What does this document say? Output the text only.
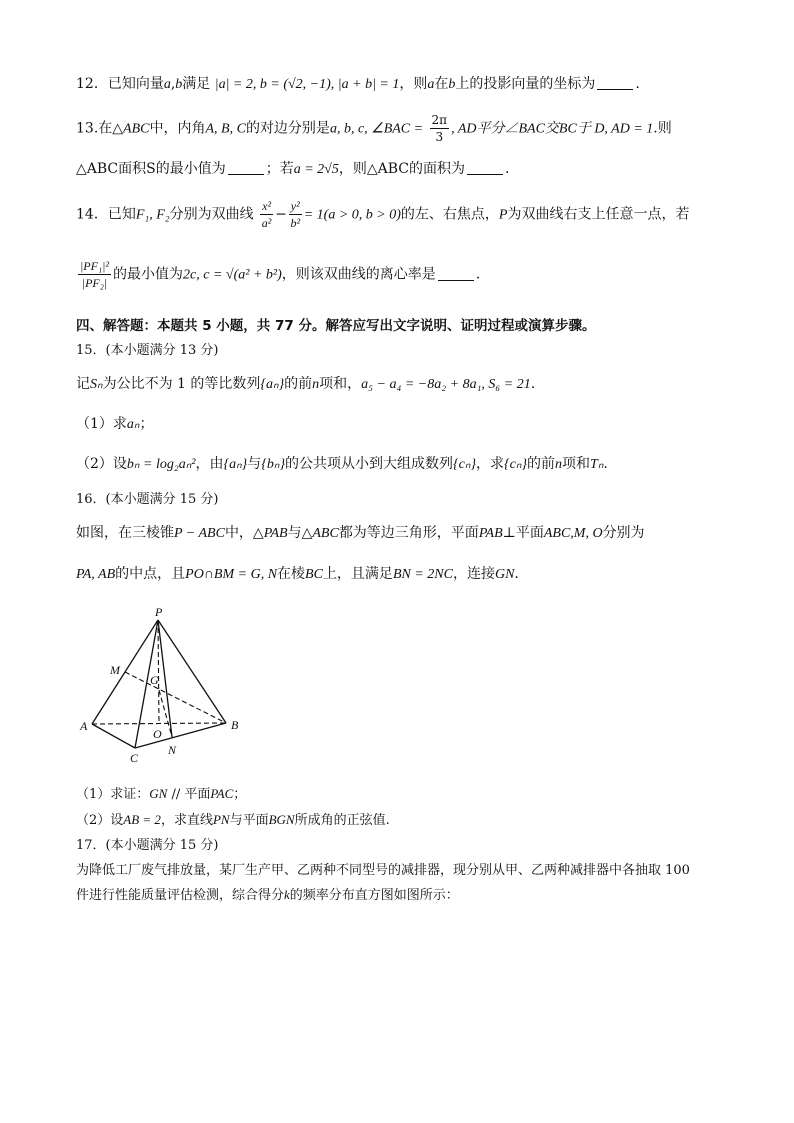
12．已知向量a,b满足 |a| = 2, b = (√2, −1), |a + b| = 1，则a在b上的投影向量的坐标为	.
13.在△ABC中，内角A, B, C的对边分别是a, b, c, ∠BAC = $\frac{2\pi}{3}$ , AD平分∠BAC交BC于 D, AD = 1.则
△ABC面积S的最小值为	；若a = 2√5，则△ABC的面积为	.
14．已知F₁, F₂分别为双曲线 $\frac{\text{x²}}{\text{a²}} - \frac{\text{y²}}{\text{b²}} = 1(a > 0$, b > 0)的左、右焦点，P为双曲线右支上任意一点，若
$\frac{\text{|PF₁|²}}{\text{|PF₂|}}$ 的最小值为2c, c = √(a² + b²)，则该双曲线的离心率是	.
四、解答题：本题共 5 小题，共 77 分。解答应写出文字说明、证明过程或演算步骤。
15．(本小题满分 13 分)
记Sₙ为公比不为 1 的等比数列{aₙ}的前n项和，a₅ − a₄ = −8a₂ + 8a₁, S₆ = 21.
（1）求aₙ；
（2）设bₙ = log₂aₙ²，由{aₙ}与{bₙ}的公共项从小到大组成数列{cₙ}，求{cₙ}的前n项和Tₙ.
16．(本小题满分 15 分)
如图，在三棱锥P − ABC中，△PAB与△ABC都为等边三角形，平面PAB⊥平面ABC,M, O分别为
PA, AB的中点，且PO∩BM = G, N在棱BC上，且满足BN = 2NC，连接GN.
P
M
G
A
O
N
B
C
（1）求证：GN // 平面PAC；
（2）设AB = 2，求直线PN与平面BGN所成角的正弦值.
17．(本小题满分 15 分)
为降低工厂废气排放量，某厂生产甲、乙两种不同型号的减排器，现分别从甲、乙两种减排器中各抽取 100
件进行性能质量评估检测，综合得分k的频率分布直方图如图所示：
